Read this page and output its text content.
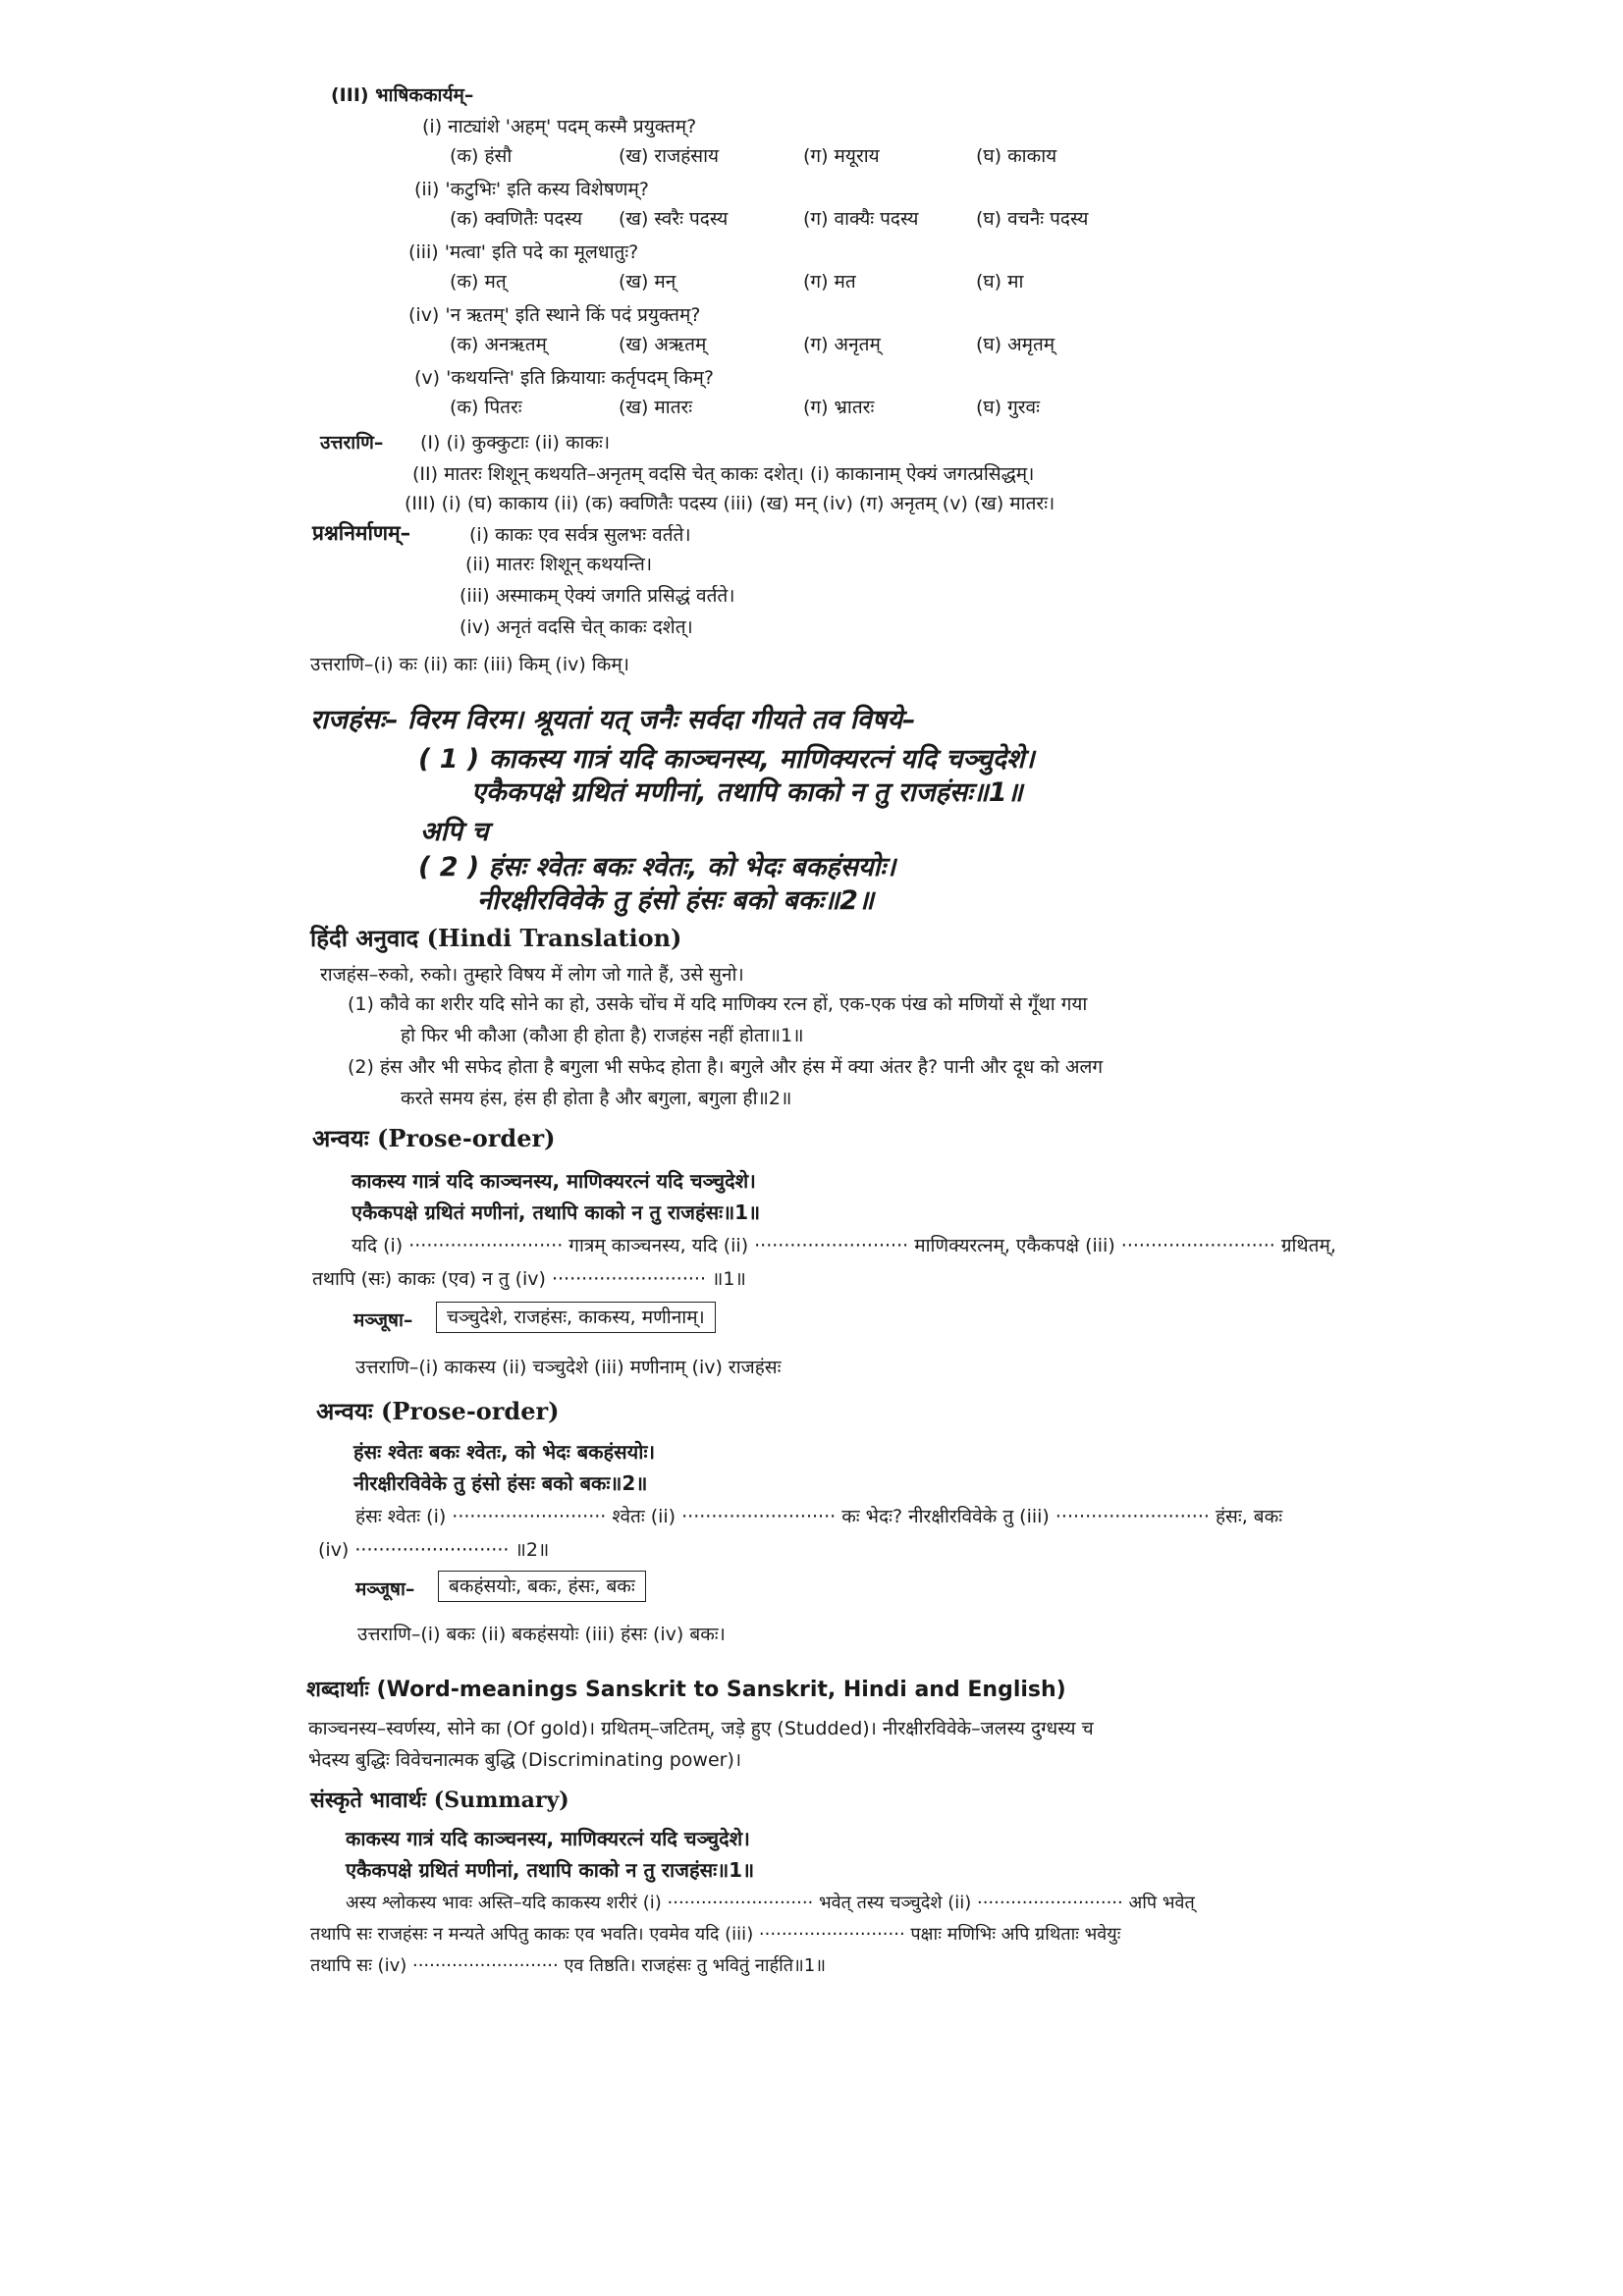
(III) भाषिककार्यम्–
(i) नाट्यांशे 'अहम्' पदम् कस्मै प्रयुक्तम्?
(क) हंसौ	(ख) राजहंसाय	(ग) मयूराय	(घ) काकाय
(ii) 'कटुभिः' इति कस्य विशेषणम्?
(क) क्वणितैः पदस्य (ख) स्वरैः पदस्य	(ग) वाक्यैः पदस्य	(घ) वचनैः पदस्य
(iii) 'मत्वा' इति पदे का मूलधातुः?
(क) मत्	(ख) मन्	(ग) मत	(घ) मा
(iv) 'न ऋतम्' इति स्थाने किं पदं प्रयुक्तम्?
(क) अनऋतम्	(ख) अऋतम्	(ग) अनृतम्	(घ) अमृतम्
(v) 'कथयन्ति' इति क्रियायाः कर्तृपदम् किम्?
(क) पितरः	(ख) मातरः	(ग) भ्रातरः	(घ) गुरवः
उत्तराणि– (I) (i) कुक्कुटाः (ii) काकः।
(II) मातरः शिशून् कथयति–अनृतम् वदसि चेत् काकः दशेत्। (i) काकानाम् ऐक्यं जगत्प्रसिद्धम्।
(III) (i) (घ) काकाय (ii) (क) क्वणितैः पदस्य (iii) (ख) मन् (iv) (ग) अनृतम् (v) (ख) मातरः।
प्रश्ननिर्माणम्–	(i) काकः एव सर्वत्र सुलभः वर्तते।
(ii) मातरः शिशून् कथयन्ति।
(iii) अस्माकम् ऐक्यं जगति प्रसिद्धं वर्तते।
(iv) अनृतं वदसि चेत् काकः दशेत्।
उत्तराणि–(i) कः (ii) काः (iii) किम् (iv) किम्।
राजहंसः– विरम विरम। श्रूयतां यत् जनैः सर्वदा गीयते तव विषये–
( 1 ) काकस्य गात्रं यदि काञ्चनस्य, माणिक्यरत्नं यदि चञ्चुदेशे।
एकैकपक्षे ग्रथितं मणीनां, तथापि काको न तु राजहंसः॥1॥
अपि च
( 2 ) हंसः श्वेतः बकः श्वेतः, को भेदः बकहंसयोः।
नीरक्षीरविवेके तु हंसो हंसः बको बकः॥2॥
हिंदी अनुवाद (Hindi Translation)
राजहंस–रुको, रुको। तुम्हारे विषय में लोग जो गाते हैं, उसे सुनो।
(1) कौवे का शरीर यदि सोने का हो, उसके चोंच में यदि माणिक्य रत्न हों, एक-एक पंख को मणियों से गूँथा गया
हो फिर भी कौआ (कौआ ही होता है) राजहंस नहीं होता॥1॥
(2) हंस और भी सफेद होता है बगुला भी सफेद होता है। बगुले और हंस में क्या अंतर है? पानी और दूध को अलग
करते समय हंस, हंस ही होता है और बगुला, बगुला ही॥2॥
अन्वयः (Prose-order)
काकस्य गात्रं यदि काञ्चनस्य, माणिक्यरत्नं यदि चञ्चुदेशे।
एकैकपक्षे ग्रथितं मणीनां, तथापि काको न तु राजहंसः॥1॥
यदि (i) ·························· गात्रम् काञ्चनस्य, यदि (ii) ·························· माणिक्यरत्नम्, एकैकपक्षे (iii) ·························· ग्रथितम्,
तथापि (सः) काकः (एव) न तु (iv) ·························· ॥1॥
मञ्जूषा–	चञ्चुदेशे, राजहंसः, काकस्य, मणीनाम्।
उत्तराणि–(i) काकस्य (ii) चञ्चुदेशे (iii) मणीनाम् (iv) राजहंसः
अन्वयः (Prose-order)
हंसः श्वेतः बकः श्वेतः, को भेदः बकहंसयोः।
नीरक्षीरविवेके तु हंसो हंसः बको बकः॥2॥
हंसः श्वेतः (i) ·························· श्वेतः (ii) ·························· कः भेदः? नीरक्षीरविवेके तु (iii) ·························· हंसः, बकः
(iv) ·························· ॥2॥
मञ्जूषा–	बकहंसयोः, बकः, हंसः, बकः
उत्तराणि–(i) बकः (ii) बकहंसयोः (iii) हंसः (iv) बकः।
शब्दार्थाः (Word-meanings Sanskrit to Sanskrit, Hindi and English)
काञ्चनस्य–स्वर्णस्य, सोने का (Of gold)। ग्रथितम्–जटितम्, जड़े हुए (Studded)। नीरक्षीरविवेके–जलस्य दुग्धस्य च
भेदस्य बुद्धिः विवेचनात्मक बुद्धि (Discriminating power)।
संस्कृते भावार्थः (Summary)
काकस्य गात्रं यदि काञ्चनस्य, माणिक्यरत्नं यदि चञ्चुदेशे।
एकैकपक्षे ग्रथितं मणीनां, तथापि काको न तु राजहंसः॥1॥
अस्य श्लोकस्य भावः अस्ति–यदि काकस्य शरीरं (i) ·························· भवेत् तस्य चञ्चुदेशे (ii) ·························· अपि भवेत्
तथापि सः राजहंसः न मन्यते अपितु काकः एव भवति। एवमेव यदि (iii) ·························· पक्षाः मणिभिः अपि ग्रथिताः भवेयुः
तथापि सः (iv) ·························· एव तिष्ठति। राजहंसः तु भवितुं नार्हति॥1॥
